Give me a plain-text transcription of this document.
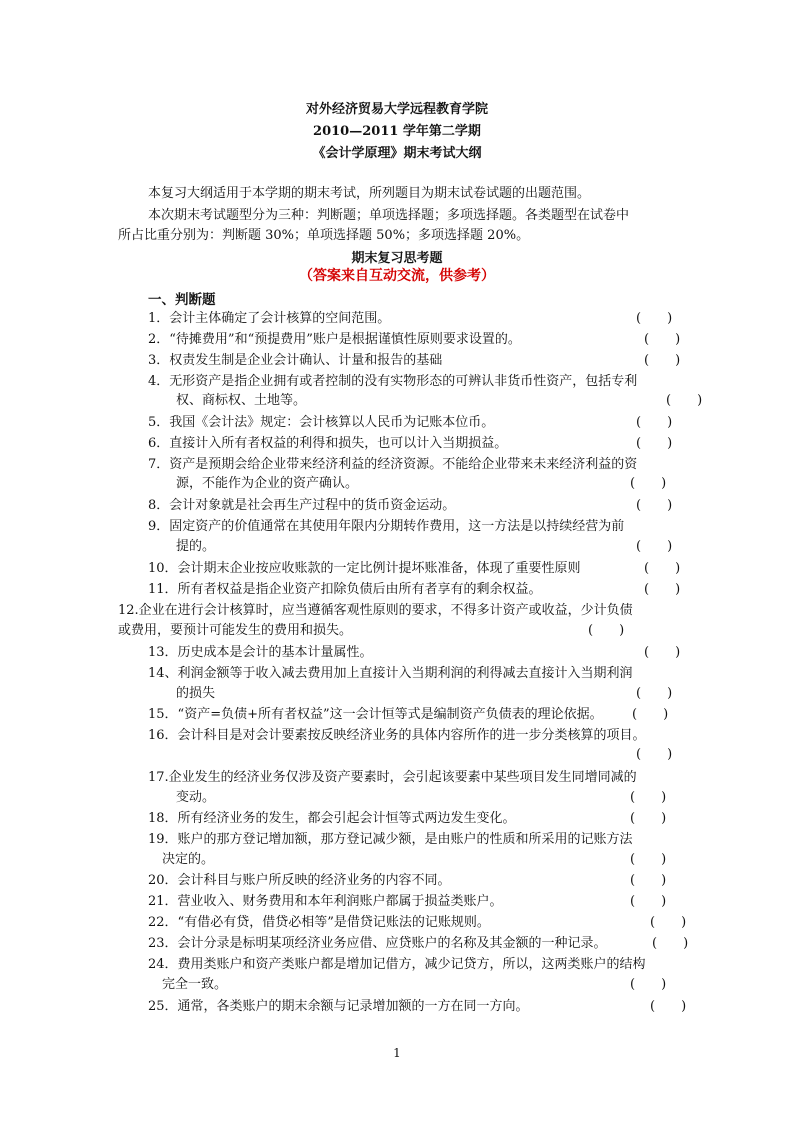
对外经济贸易大学远程教育学院
2010—2011 学年第二学期
《会计学原理》期末考试大纲
本复习大纲适用于本学期的期末考试，所列题目为期末试卷试题的出题范围。
本次期末考试题型分为三种：判断题；单项选择题；多项选择题。各类题型在试卷中
所占比重分别为：判断题 30%；单项选择题 50%；多项选择题 20%。
期末复习思考题
（答案来自互动交流，供参考）
一、判断题
1．会计主体确定了会计核算的空间范围。	(　　)
2．“待摊费用”和“预提费用”账户是根据谨慎性原则要求设置的。	(　　)
3．权责发生制是企业会计确认、计量和报告的基础	(　　)
4．无形资产是指企业拥有或者控制的没有实物形态的可辨认非货币性资产，包括专利
权、商标权、土地等。	(　　)
5．我国《会计法》规定：会计核算以人民币为记账本位币。	(　　)
6．直接计入所有者权益的利得和损失，也可以计入当期损益。	(　　)
7．资产是预期会给企业带来经济利益的经济资源。不能给企业带来未来经济利益的资
源，不能作为企业的资产确认。	(　　)
8．会计对象就是社会再生产过程中的货币资金运动。	(　　)
9．固定资产的价值通常在其使用年限内分期转作费用，这一方法是以持续经营为前
提的。	(　　)
10．会计期末企业按应收账款的一定比例计提坏账准备，体现了重要性原则	(　　)
11．所有者权益是指企业资产扣除负债后由所有者享有的剩余权益。	(　　)
12.企业在进行会计核算时，应当遵循客观性原则的要求，不得多计资产或收益，少计负债
或费用，要预计可能发生的费用和损失。	(　　)
13．历史成本是会计的基本计量属性。	(　　)
14、利润金额等于收入减去费用加上直接计入当期利润的利得减去直接计入当期利润
的损失	(　　)
15．“资产=负债+所有者权益”这一会计恒等式是编制资产负债表的理论依据。 (　　)
16．会计科目是对会计要素按反映经济业务的具体内容所作的进一步分类核算的项目。
(　　)
17.企业发生的经济业务仅涉及资产要素时，会引起该要素中某些项目发生同增同减的
变动。	(　　)
18．所有经济业务的发生，都会引起会计恒等式两边发生变化。	(　　)
19．账户的那方登记增加额，那方登记减少额，是由账户的性质和所采用的记账方法
决定的。	(　　)
20．会计科目与账户所反映的经济业务的内容不同。	(　　)
21．营业收入、财务费用和本年利润账户都属于损益类账户。	(　　)
22．“有借必有贷，借贷必相等”是借贷记账法的记账规则。	(　　)
23．会计分录是标明某项经济业务应借、应贷账户的名称及其金额的一种记录。	(　　)
24．费用类账户和资产类账户都是增加记借方，减少记贷方，所以，这两类账户的结构
完全一致。	(　　)
25．通常，各类账户的期末余额与记录增加额的一方在同一方向。	(　　)
1
